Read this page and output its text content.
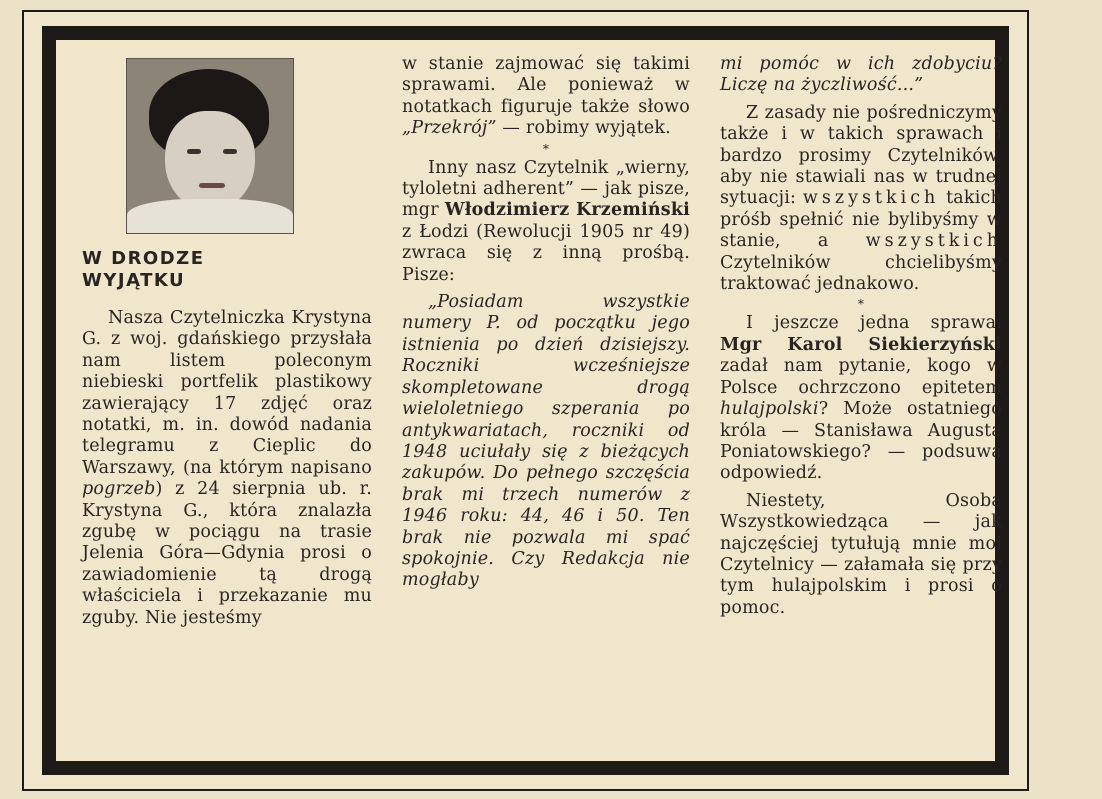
W DRODZE
WYJĄTKU

Nasza Czytelniczka Krystyna G. z woj. gdańskiego przysłała nam listem poleconym niebieski portfelik plastikowy zawierający 17 zdjęć oraz notatki, m. in. dowód nadania telegramu z Cieplic do Warszawy, (na którym napisano pogrzeb) z 24 sierpnia ub. r. Krystyna G., która znalazła zgubę w pociągu na trasie Jelenia Góra—Gdynia prosi o zawiadomienie tą drogą właściciela i przekazanie mu zguby. Nie jesteśmy

w stanie zajmować się takimi sprawami. Ale ponieważ w notatkach figuruje także słowo „Przekrój” — robimy wyjątek.

*

Inny nasz Czytelnik „wierny, tyloletni adherent” — jak pisze, mgr Włodzimierz Krzemiński z Łodzi (Rewolucji 1905 nr 49) zwraca się z inną prośbą. Pisze:

„Posiadam wszystkie numery P. od początku jego istnienia po dzień dzisiejszy. Roczniki wcześniejsze skompletowane drogą wieloletniego szperania po antykwariatach, roczniki od 1948 uciułały się z bieżących zakupów. Do pełnego szczęścia brak mi trzech numerów z 1946 roku: 44, 46 i 50. Ten brak nie pozwala mi spać spokojnie. Czy Redakcja nie mogłaby

mi pomóc w ich zdobyciu? Liczę na życzliwość...”

Z zasady nie pośredniczymy także i w takich sprawach i bardzo prosimy Czytelników, aby nie stawiali nas w trudnej sytuacji: wszystkich takich próśb spełnić nie bylibyśmy w stanie, a wszystkich Czytelników chcielibyśmy traktować jednakowo.

*

I jeszcze jedna sprawa. Mgr Karol Siekierzyński zadał nam pytanie, kogo w Polsce ochrzczono epitetem hulajpolski? Może ostatniego króla — Stanisława Augusta Poniatowskiego? — podsuwa odpowiedź.

Niestety, Osoba Wszystkowiedząca — jak najczęściej tytułują mnie moi Czytelnicy — załamała się przy tym hulajpolskim i prosi o pomoc.
